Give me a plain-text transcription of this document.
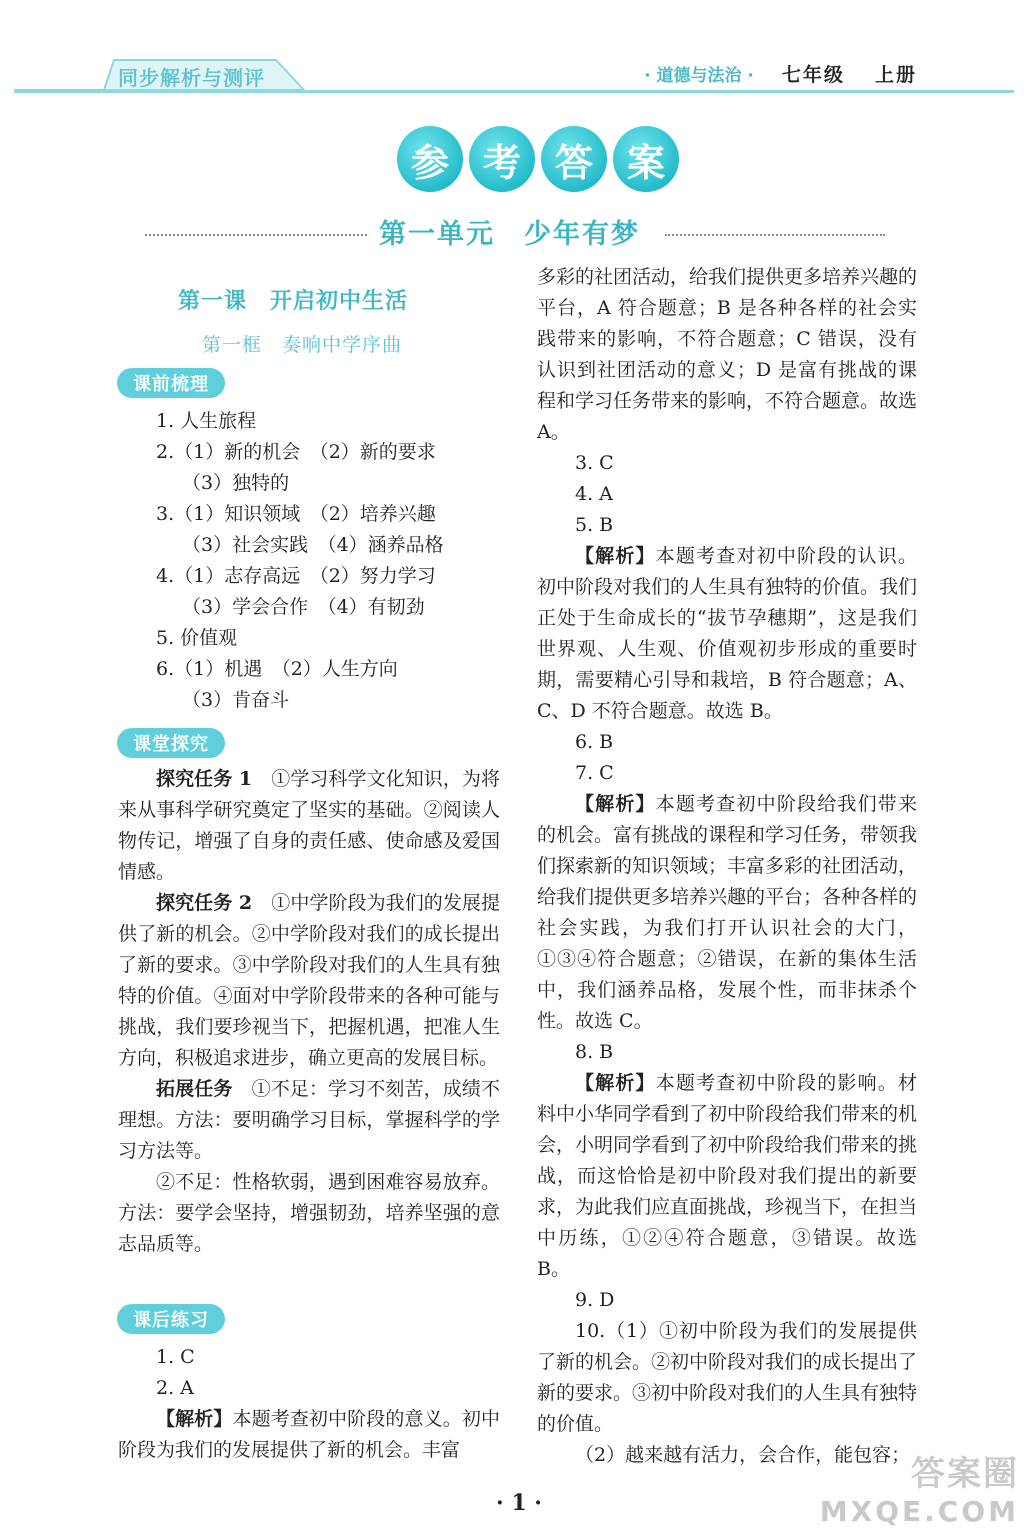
同步解析与测评	· 道德与法治 · 七年级 上册
参 考 答 案
第一单元　少年有梦
第一课　开启初中生活
第一框　奏响中学序曲
课前梳理
课堂探究
课后练习
1. 人生旅程
2.（1）新的机会　（2）新的要求
（3）独特的
3.（1）知识领域　（2）培养兴趣
（3）社会实践　（4）涵养品格
4.（1）志存高远　（2）努力学习
（3）学会合作　（4）有韧劲
5. 价值观
6.（1）机遇　（2）人生方向
（3）肯奋斗

探究任务 1　 ①学习科学文化知识，为将来从事科学研究奠定了坚实的基础。②阅读人物传记，增强了自身的责任感、使命感及爱国情感。

探究任务 2　 ①中学阶段为我们的发展提供了新的机会。②中学阶段对我们的成长提出了新的要求。③中学阶段对我们的人生具有独特的价值。④面对中学阶段带来的各种可能与挑战，我们要珍视当下，把握机遇，把准人生方向，积极追求进步，确立更高的发展目标。

拓展任务　 ①不足：学习不刻苦，成绩不理想。方法：要明确学习目标，掌握科学的学习方法等。

②不足：性格软弱，遇到困难容易放弃。方法：要学会坚持，增强韧劲，培养坚强的意志品质等。

1. C
2. A

【解析】本题考查初中阶段的意义。初中阶段为我们的发展提供了新的机会。丰富

多彩的社团活动，给我们提供更多培养兴趣的平台，A 符合题意；B 是各种各样的社会实践带来的影响，不符合题意；C 错误，没有认识到社团活动的意义；D 是富有挑战的课程和学习任务带来的影响，不符合题意。故选 A。

3. C
4. A
5. B

【解析】本题考查对初中阶段的认识。初中阶段对我们的人生具有独特的价值。我们正处于生命成长的“拔节孕穗期”，这是我们世界观、人生观、价值观初步形成的重要时期，需要精心引导和栽培，B 符合题意；A、C、D 不符合题意。故选 B。

6. B
7. C

【解析】本题考查初中阶段给我们带来的机会。富有挑战的课程和学习任务，带领我们探索新的知识领域；丰富多彩的社团活动，给我们提供更多培养兴趣的平台；各种各样的社会实践，为我们打开认识社会的大门，①③④符合题意；②错误，在新的集体生活中，我们涵养品格，发展个性，而非抹杀个性。故选 C。

8. B

【解析】本题考查初中阶段的影响。材料中小华同学看到了初中阶段给我们带来的机会，小明同学看到了初中阶段给我们带来的挑战，而这恰恰是初中阶段对我们提出的新要求，为此我们应直面挑战，珍视当下，在担当中历练，①②④符合题意，③错误。故选 B。

9. D

10.（1）①初中阶段为我们的发展提供了新的机会。②初中阶段对我们的成长提出了新的要求。③初中阶段对我们的人生具有独特的价值。

（2）越来越有活力，会合作，能包容；

· 1 ·
答案圈
MXQE.COM
